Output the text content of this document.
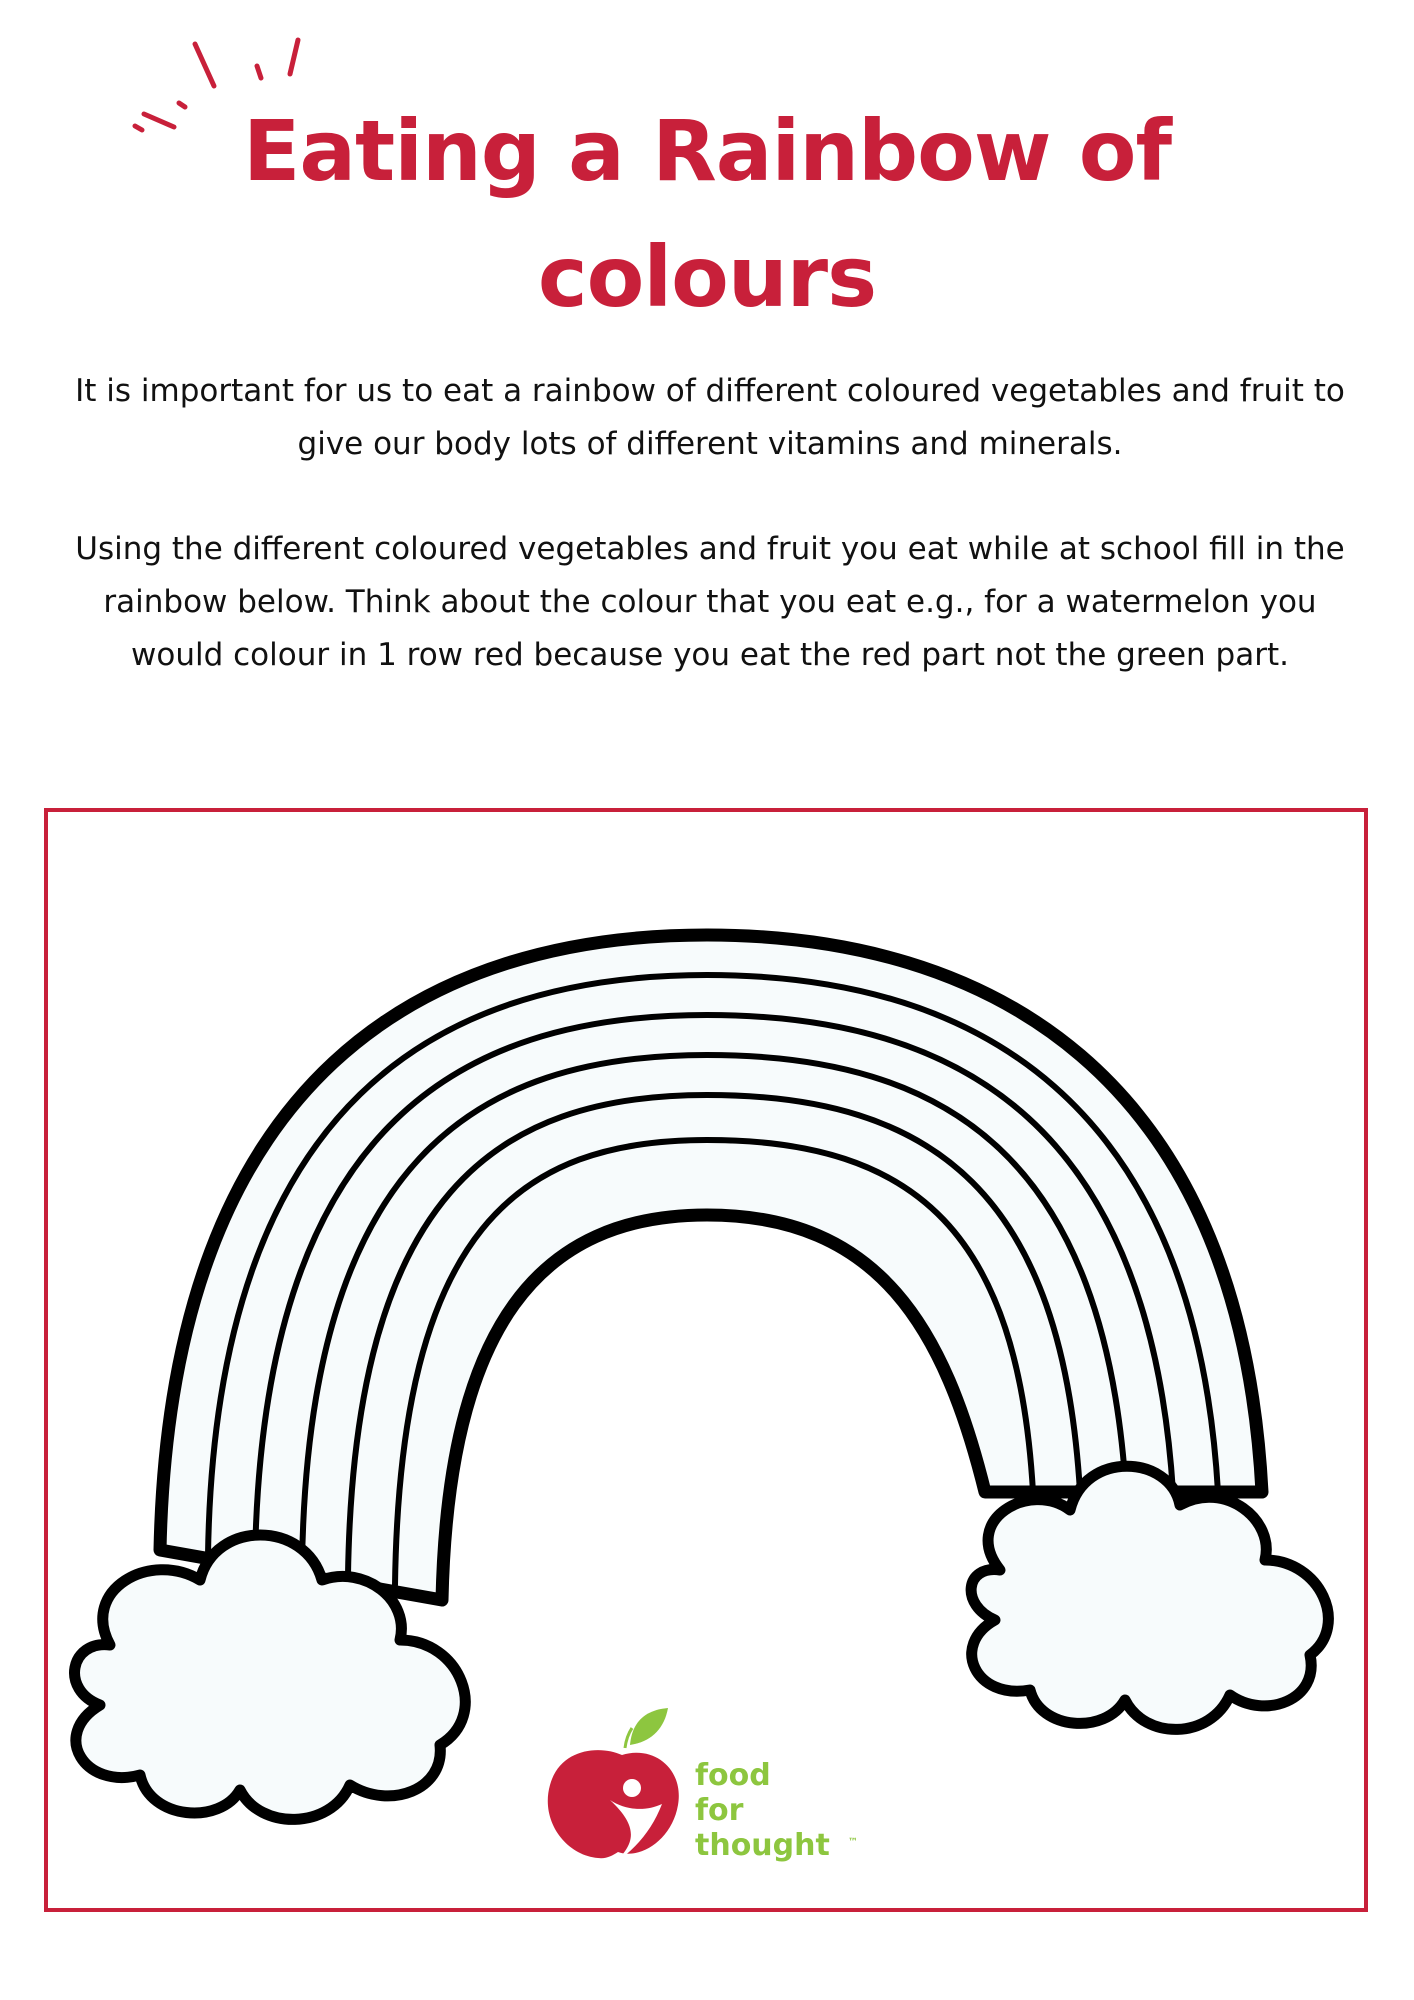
Eating a Rainbow of colours
It is important for us to eat a rainbow of different coloured vegetables and fruit to give our body lots of different vitamins and minerals.
Using the different coloured vegetables and fruit you eat while at school fill in the rainbow below. Think about the colour that you eat e.g., for a watermelon you would colour in 1 row red because you eat the red part not the green part.
food
for
thought ™
